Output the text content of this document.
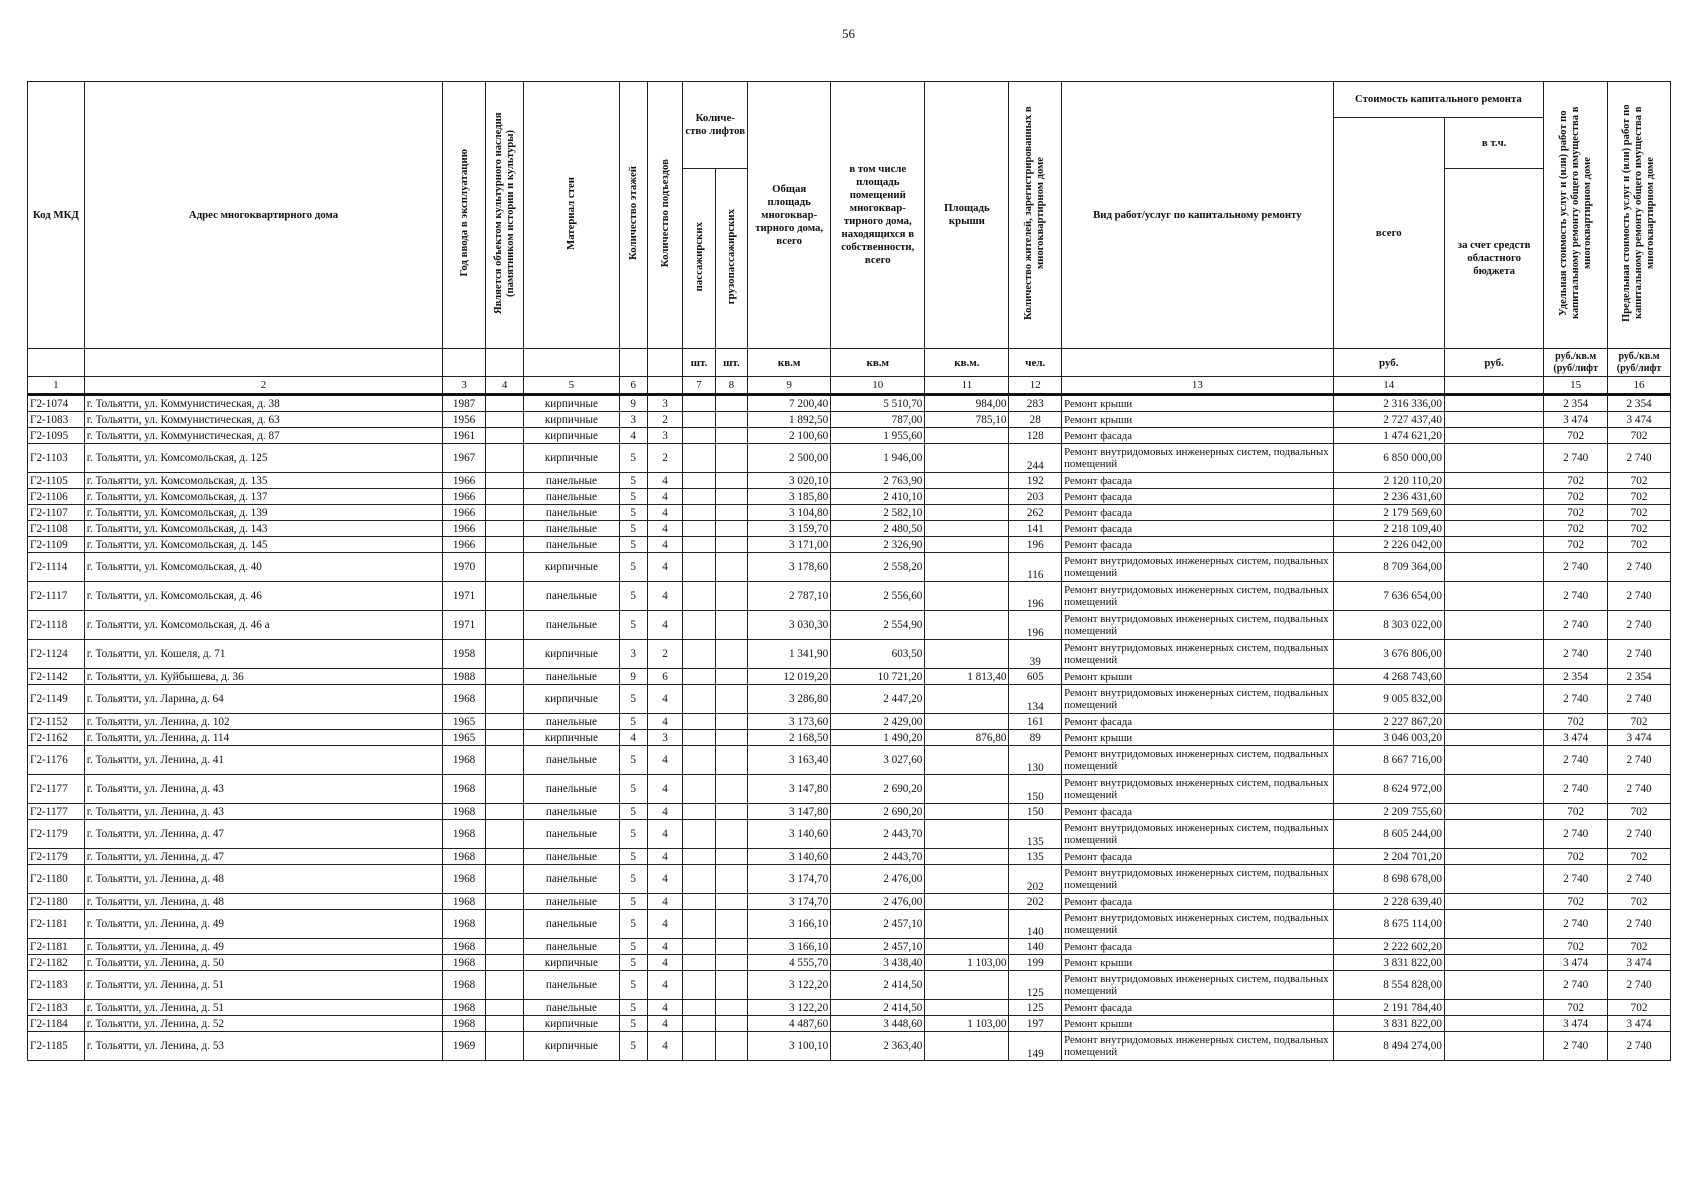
56
Код МКД	Адрес многоквартирного дома	Год ввода в эксплуатацию	Является объектом культурного наследия (памятником истории и культуры)	Материал стен	Количество этажей	Количество подъездов	Количе-ство лифтов		Общая площадь многоквар-тирного дома, всего	в том числе площадь помещений многоквар-тирного дома, находящихся в собственности, всего	Площадь крыши	Количество жителей, зарегистрированных в многоквартирном доме	Вид работ/услуг по капитальному ремонту	Стоимость капитального ремонта		Удельная стоимость услуг и (или) работ по капитальному ремонту общего имущества в многоквартирном доме	Предельная стоимость услуг и (или) работ по капитальному ремонту общего имущества в многоквартирном доме
														всего	в т.ч.		
							пассажирских	грузопассажирских							за счет средств областного бюджета		
							шт.	шт.	кв.м	кв.м	кв.м.	чел.		руб.	руб.	руб./кв.м (руб/лифт	руб./кв.м (руб/лифт
1	2	3	4	5	6		7	8	9	10	11	12	13	14		15	16
Г2-1074	г. Тольятти, ул. Коммунистическая, д. 38	1987		кирпичные	9	3			7 200,40	5 510,70	984,00	283	Ремонт крыши	2 316 336,00		2 354	2 354
Г2-1083	г. Тольятти, ул. Коммунистическая, д. 63	1956		кирпичные	3	2			1 892,50	787,00	785,10	28	Ремонт крыши	2 727 437,40		3 474	3 474
Г2-1095	г. Тольятти, ул. Коммунистическая, д. 87	1961		кирпичные	4	3			2 100,60	1 955,60		128	Ремонт фасада	1 474 621,20		702	702
Г2-1103	г. Тольятти, ул. Комсомольская, д. 125	1967		кирпичные	5	2			2 500,00	1 946,00		244	Ремонт внутридомовых инженерных систем, подвальных помещений	6 850 000,00		2 740	2 740
Г2-1105	г. Тольятти, ул. Комсомольская, д. 135	1966		панельные	5	4			3 020,10	2 763,90		192	Ремонт фасада	2 120 110,20		702	702
Г2-1106	г. Тольятти, ул. Комсомольская, д. 137	1966		панельные	5	4			3 185,80	2 410,10		203	Ремонт фасада	2 236 431,60		702	702
Г2-1107	г. Тольятти, ул. Комсомольская, д. 139	1966		панельные	5	4			3 104,80	2 582,10		262	Ремонт фасада	2 179 569,60		702	702
Г2-1108	г. Тольятти, ул. Комсомольская, д. 143	1966		панельные	5	4			3 159,70	2 480,50		141	Ремонт фасада	2 218 109,40		702	702
Г2-1109	г. Тольятти, ул. Комсомольская, д. 145	1966		панельные	5	4			3 171,00	2 326,90		196	Ремонт фасада	2 226 042,00		702	702
Г2-1114	г. Тольятти, ул. Комсомольская, д. 40	1970		кирпичные	5	4			3 178,60	2 558,20		116	Ремонт внутридомовых инженерных систем, подвальных помещений	8 709 364,00		2 740	2 740
Г2-1117	г. Тольятти, ул. Комсомольская, д. 46	1971		панельные	5	4			2 787,10	2 556,60		196	Ремонт внутридомовых инженерных систем, подвальных помещений	7 636 654,00		2 740	2 740
Г2-1118	г. Тольятти, ул. Комсомольская, д. 46 а	1971		панельные	5	4			3 030,30	2 554,90		196	Ремонт внутридомовых инженерных систем, подвальных помещений	8 303 022,00		2 740	2 740
Г2-1124	г. Тольятти, ул. Кошеля, д. 71	1958		кирпичные	3	2			1 341,90	603,50		39	Ремонт внутридомовых инженерных систем, подвальных помещений	3 676 806,00		2 740	2 740
Г2-1142	г. Тольятти, ул. Куйбышева, д. 36	1988		панельные	9	6			12 019,20	10 721,20	1 813,40	605	Ремонт крыши	4 268 743,60		2 354	2 354
Г2-1149	г. Тольятти, ул. Ларина, д. 64	1968		кирпичные	5	4			3 286,80	2 447,20		134	Ремонт внутридомовых инженерных систем, подвальных помещений	9 005 832,00		2 740	2 740
Г2-1152	г. Тольятти, ул. Ленина, д. 102	1965		панельные	5	4			3 173,60	2 429,00		161	Ремонт фасада	2 227 867,20		702	702
Г2-1162	г. Тольятти, ул. Ленина, д. 114	1965		кирпичные	4	3			2 168,50	1 490,20	876,80	89	Ремонт крыши	3 046 003,20		3 474	3 474
Г2-1176	г. Тольятти, ул. Ленина, д. 41	1968		панельные	5	4			3 163,40	3 027,60		130	Ремонт внутридомовых инженерных систем, подвальных помещений	8 667 716,00		2 740	2 740
Г2-1177	г. Тольятти, ул. Ленина, д. 43	1968		панельные	5	4			3 147,80	2 690,20		150	Ремонт внутридомовых инженерных систем, подвальных помещений	8 624 972,00		2 740	2 740
Г2-1177	г. Тольятти, ул. Ленина, д. 43	1968		панельные	5	4			3 147,80	2 690,20		150	Ремонт фасада	2 209 755,60		702	702
Г2-1179	г. Тольятти, ул. Ленина, д. 47	1968		панельные	5	4			3 140,60	2 443,70		135	Ремонт внутридомовых инженерных систем, подвальных помещений	8 605 244,00		2 740	2 740
Г2-1179	г. Тольятти, ул. Ленина, д. 47	1968		панельные	5	4			3 140,60	2 443,70		135	Ремонт фасада	2 204 701,20		702	702
Г2-1180	г. Тольятти, ул. Ленина, д. 48	1968		панельные	5	4			3 174,70	2 476,00		202	Ремонт внутридомовых инженерных систем, подвальных помещений	8 698 678,00		2 740	2 740
Г2-1180	г. Тольятти, ул. Ленина, д. 48	1968		панельные	5	4			3 174,70	2 476,00		202	Ремонт фасада	2 228 639,40		702	702
Г2-1181	г. Тольятти, ул. Ленина, д. 49	1968		панельные	5	4			3 166,10	2 457,10		140	Ремонт внутридомовых инженерных систем, подвальных помещений	8 675 114,00		2 740	2 740
Г2-1181	г. Тольятти, ул. Ленина, д. 49	1968		панельные	5	4			3 166,10	2 457,10		140	Ремонт фасада	2 222 602,20		702	702
Г2-1182	г. Тольятти, ул. Ленина, д. 50	1968		кирпичные	5	4			4 555,70	3 438,40	1 103,00	199	Ремонт крыши	3 831 822,00		3 474	3 474
Г2-1183	г. Тольятти, ул. Ленина, д. 51	1968		панельные	5	4			3 122,20	2 414,50		125	Ремонт внутридомовых инженерных систем, подвальных помещений	8 554 828,00		2 740	2 740
Г2-1183	г. Тольятти, ул. Ленина, д. 51	1968		панельные	5	4			3 122,20	2 414,50		125	Ремонт фасада	2 191 784,40		702	702
Г2-1184	г. Тольятти, ул. Ленина, д. 52	1968		кирпичные	5	4			4 487,60	3 448,60	1 103,00	197	Ремонт крыши	3 831 822,00		3 474	3 474
Г2-1185	г. Тольятти, ул. Ленина, д. 53	1969		кирпичные	5	4			3 100,10	2 363,40		149	Ремонт внутридомовых инженерных систем, подвальных помещений	8 494 274,00		2 740	2 740
